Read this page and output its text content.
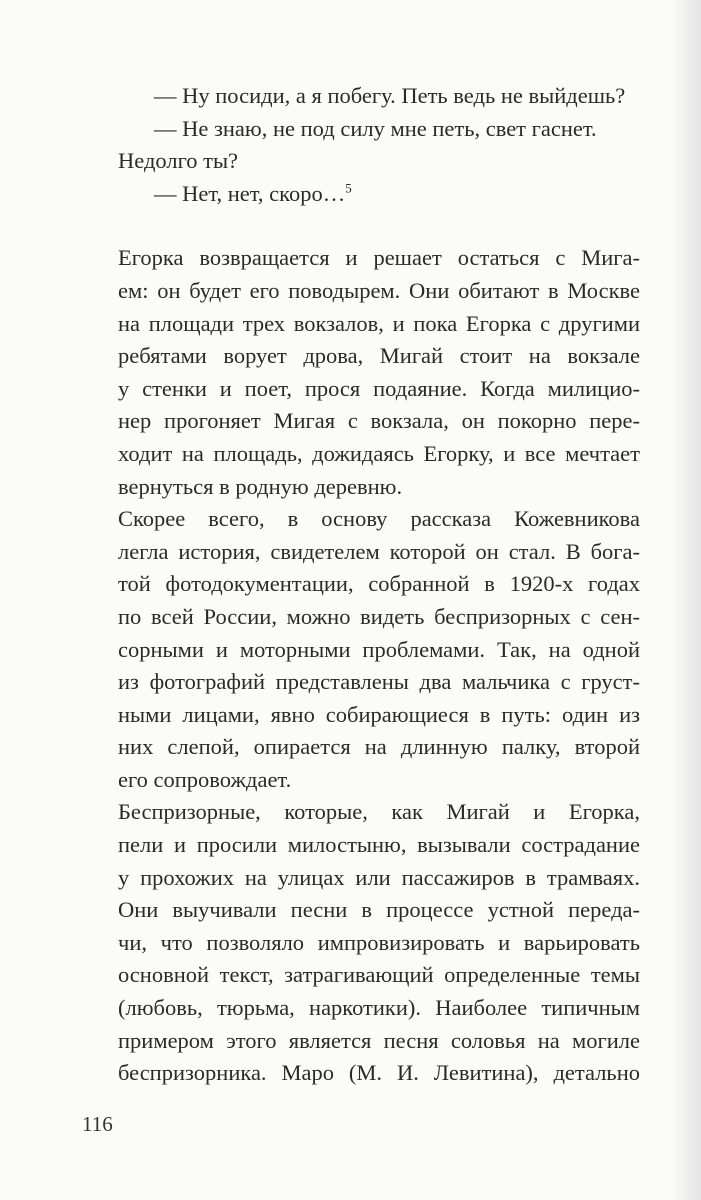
— Ну посиди, а я побегу. Петь ведь не выйдешь?

— Не знаю, не под силу мне петь, свет гаснет.

Недолго ты?

— Нет, нет, скоро…$^5$

Егорка возвращается и решает остаться с Мига-
ем: он будет его поводырем. Они обитают в Москве
на площади трех вокзалов, и пока Егорка с другими
ребятами ворует дрова, Мигай стоит на вокзале
у стенки и поет, прося подаяние. Когда милицио-
нер прогоняет Мигая с вокзала, он покорно пере-
ходит на площадь, дожидаясь Егорку, и все мечтает
вернуться в родную деревню.

Скорее всего, в основу рассказа Кожевникова
легла история, свидетелем которой он стал. В бога-
той фотодокументации, собранной в 1920-х годах
по всей России, можно видеть беспризорных с сен-
сорными и моторными проблемами. Так, на одной
из фотографий представлены два мальчика с груст-
ными лицами, явно собирающиеся в путь: один из
них слепой, опирается на длинную палку, второй
его сопровождает.

Беспризорные, которые, как Мигай и Егорка,
пели и просили милостыню, вызывали сострадание
у прохожих на улицах или пассажиров в трамваях.
Они выучивали песни в процессе устной переда-
чи, что позволяло импровизировать и варьировать
основной текст, затрагивающий определенные темы
(любовь, тюрьма, наркотики). Наиболее типичным
примером этого является песня соловья на могиле
беспризорника. Маро (М. И. Левитина), детально

116
